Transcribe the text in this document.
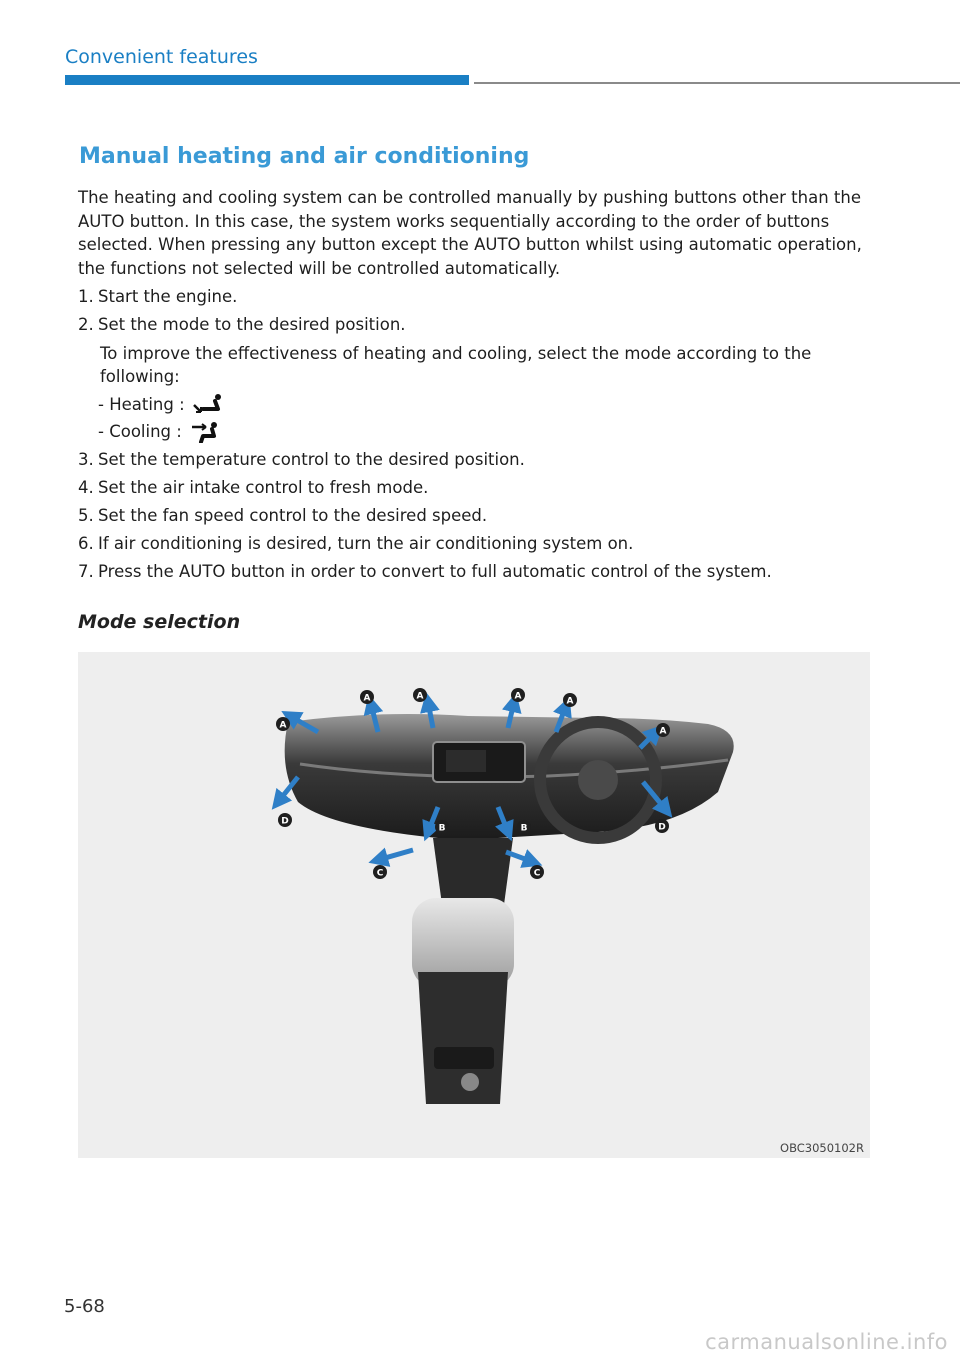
Convenient features
Manual heating and air conditioning

The heating and cooling system can be controlled manually by pushing buttons other than the AUTO button. In this case, the system works sequentially according to the order of buttons selected. When pressing any button except the AUTO button whilst using automatic operation, the functions not selected will be controlled automatically.

1. Start the engine.
2. Set the mode to the desired position.
To improve the effectiveness of heating and cooling, select the mode according to the following:
- Heating :
- Cooling :
3. Set the temperature control to the desired position.
4. Set the air intake control to fresh mode.
5. Set the fan speed control to the desired speed.
6. If air conditioning is desired, turn the air conditioning system on.
7. Press the AUTO button in order to convert to full automatic control of the system.
Mode selection
A
A	A	A	A
A
B	B
C	C
D
D
OBC3050102R
5-68
carmanualsonline.info
